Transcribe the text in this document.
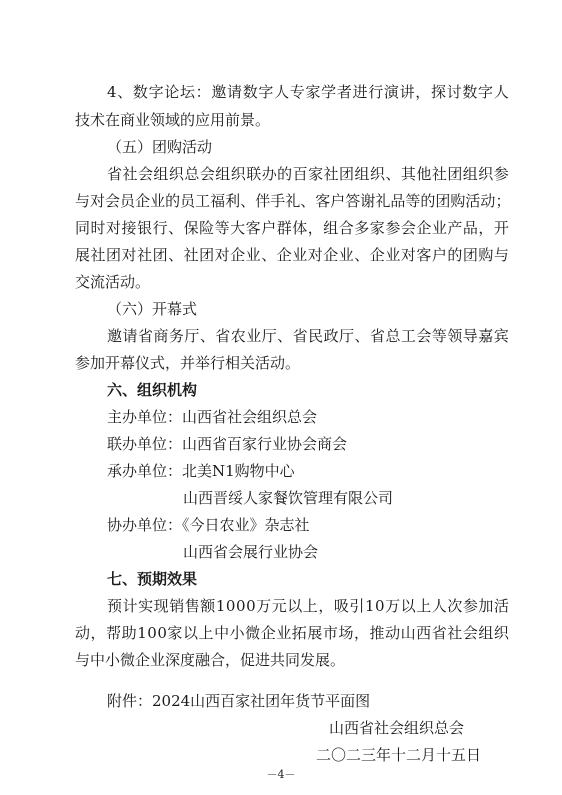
4 、 数 字 论 坛 ： 邀 请 数 字 人 专 家 学 者 进 行 演 讲 ， 探 讨 数 字 人
技术在商业领域的应用前景。
（五）团购活动
省 社 会 组 织 总 会 组 织 联 办 的 百 家 社 团 组 织 、 其 他 社 团 组 织 参
与 对 会 员 企 业 的 员 工 福 利 、 伴 手 礼 、 客 户 答 谢 礼 品 等 的 团 购 活 动 ；
同 时 对 接 银 行 、 保 险 等 大 客 户 群 体 ， 组 合 多 家 参 会 企 业 产 品 ， 开
展 社 团 对 社 团 、 社 团 对 企 业 、 企 业 对 企 业 、 企 业 对 客 户 的 团 购 与
交流活动。
（六）开幕式
邀 请 省 商 务 厅 、 省 农 业 厅 、 省 民 政 厅 、 省 总 工 会 等 领 导 嘉 宾
参加开幕仪式，并举行相关活动。
六、组织机构
主办单位：山西省社会组织总会
联办单位：山西省百家行业协会商会
承办单位：北美N1购物中心
山西晋绥人家餐饮管理有限公司
协办单位：《今日农业》杂志社
山西省会展行业协会
七、预期效果
预 计 实 现 销 售 额 1 0 0 0 万 元 以 上 ， 吸 引 1 0 万 以 上 人 次 参 加 活
动 ， 帮 助 1 0 0 家 以 上 中 小 微 企 业 拓 展 市 场 ， 推 动 山 西 省 社 会 组 织
与中小微企业深度融合，促进共同发展。
附件：2024山西百家社团年货节平面图
山西省社会组织总会
二〇二三年十二月十五日
－4－
